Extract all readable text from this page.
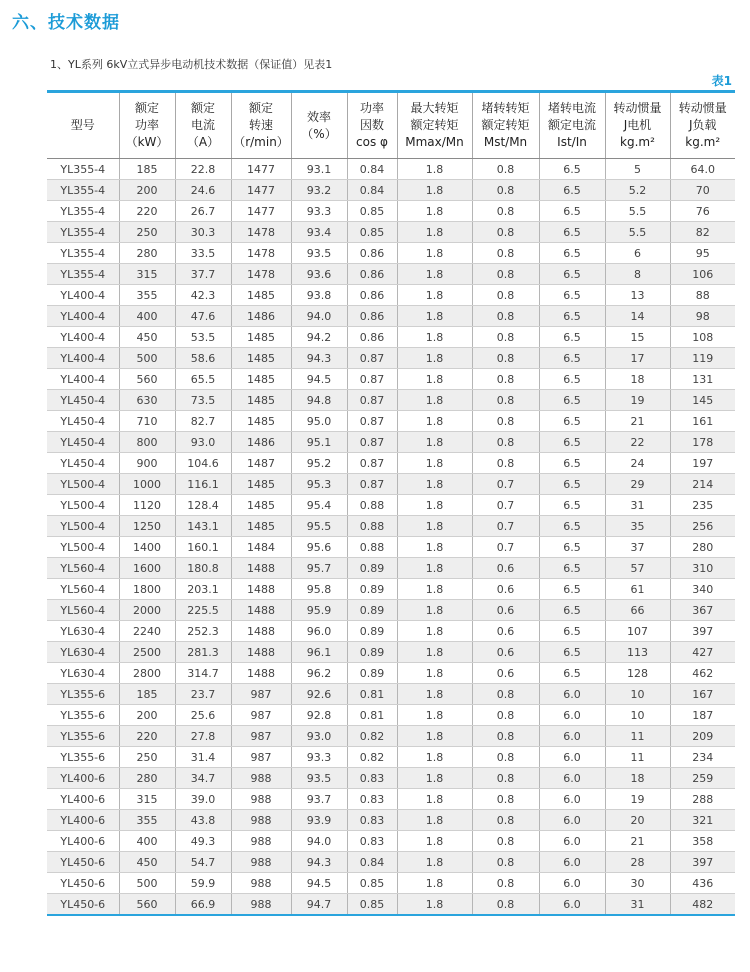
六、技术数据
1、YL系列 6kV立式异步电动机技术数据（保证值）见表1
表1
型号	额定
功率
（kW）	额定
电流
（A）	额定
转速
（r/min）	效率
（%）	功率
因数
cos φ	最大转矩
额定转矩
Mmax/Mn	堵转转矩
额定转矩
Mst/Mn	堵转电流
额定电流
Ist/In	转动惯量
J电机
kg.m²	转动惯量
J负载
kg.m²

YL355-4	185	22.8	1477	93.1	0.84	1.8	0.8	6.5	5	64.0
YL355-4	200	24.6	1477	93.2	0.84	1.8	0.8	6.5	5.2	70
YL355-4	220	26.7	1477	93.3	0.85	1.8	0.8	6.5	5.5	76
YL355-4	250	30.3	1478	93.4	0.85	1.8	0.8	6.5	5.5	82
YL355-4	280	33.5	1478	93.5	0.86	1.8	0.8	6.5	6	95
YL355-4	315	37.7	1478	93.6	0.86	1.8	0.8	6.5	8	106
YL400-4	355	42.3	1485	93.8	0.86	1.8	0.8	6.5	13	88
YL400-4	400	47.6	1486	94.0	0.86	1.8	0.8	6.5	14	98
YL400-4	450	53.5	1485	94.2	0.86	1.8	0.8	6.5	15	108
YL400-4	500	58.6	1485	94.3	0.87	1.8	0.8	6.5	17	119
YL400-4	560	65.5	1485	94.5	0.87	1.8	0.8	6.5	18	131
YL450-4	630	73.5	1485	94.8	0.87	1.8	0.8	6.5	19	145
YL450-4	710	82.7	1485	95.0	0.87	1.8	0.8	6.5	21	161
YL450-4	800	93.0	1486	95.1	0.87	1.8	0.8	6.5	22	178
YL450-4	900	104.6	1487	95.2	0.87	1.8	0.8	6.5	24	197
YL500-4	1000	116.1	1485	95.3	0.87	1.8	0.7	6.5	29	214
YL500-4	1120	128.4	1485	95.4	0.88	1.8	0.7	6.5	31	235
YL500-4	1250	143.1	1485	95.5	0.88	1.8	0.7	6.5	35	256
YL500-4	1400	160.1	1484	95.6	0.88	1.8	0.7	6.5	37	280
YL560-4	1600	180.8	1488	95.7	0.89	1.8	0.6	6.5	57	310
YL560-4	1800	203.1	1488	95.8	0.89	1.8	0.6	6.5	61	340
YL560-4	2000	225.5	1488	95.9	0.89	1.8	0.6	6.5	66	367
YL630-4	2240	252.3	1488	96.0	0.89	1.8	0.6	6.5	107	397
YL630-4	2500	281.3	1488	96.1	0.89	1.8	0.6	6.5	113	427
YL630-4	2800	314.7	1488	96.2	0.89	1.8	0.6	6.5	128	462
YL355-6	185	23.7	987	92.6	0.81	1.8	0.8	6.0	10	167
YL355-6	200	25.6	987	92.8	0.81	1.8	0.8	6.0	10	187
YL355-6	220	27.8	987	93.0	0.82	1.8	0.8	6.0	11	209
YL355-6	250	31.4	987	93.3	0.82	1.8	0.8	6.0	11	234
YL400-6	280	34.7	988	93.5	0.83	1.8	0.8	6.0	18	259
YL400-6	315	39.0	988	93.7	0.83	1.8	0.8	6.0	19	288
YL400-6	355	43.8	988	93.9	0.83	1.8	0.8	6.0	20	321
YL400-6	400	49.3	988	94.0	0.83	1.8	0.8	6.0	21	358
YL450-6	450	54.7	988	94.3	0.84	1.8	0.8	6.0	28	397
YL450-6	500	59.9	988	94.5	0.85	1.8	0.8	6.0	30	436
YL450-6	560	66.9	988	94.7	0.85	1.8	0.8	6.0	31	482
